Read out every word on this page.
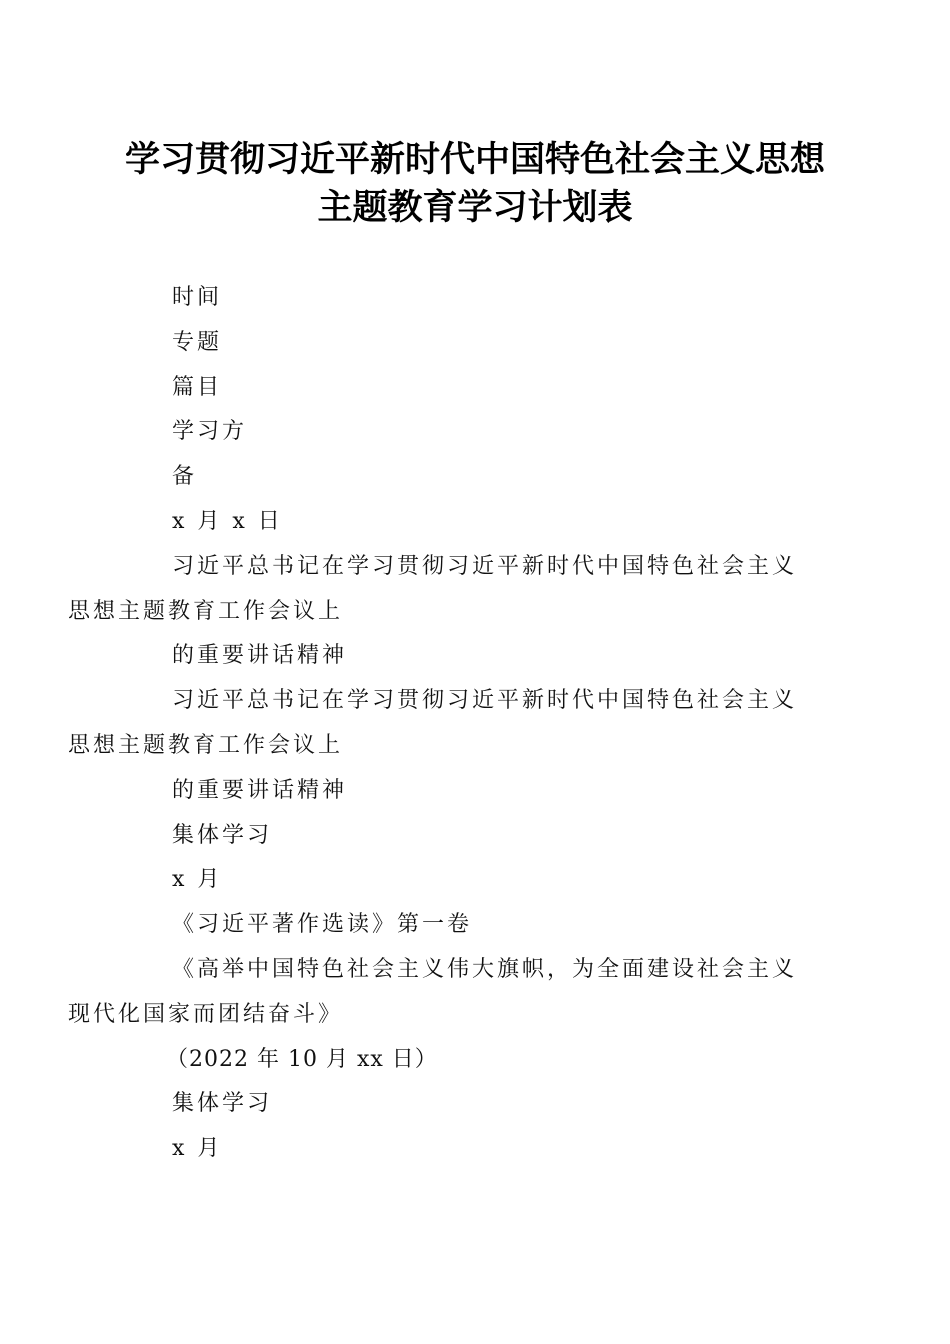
学习贯彻习近平新时代中国特色社会主义思想
主题教育学习计划表

时间

专题

篇目

学习方

备

x 月 x 日

习近平总书记在学习贯彻习近平新时代中国特色社会主义
思想主题教育工作会议上

的重要讲话精神

习近平总书记在学习贯彻习近平新时代中国特色社会主义
思想主题教育工作会议上

的重要讲话精神

集体学习

x 月

《习近平著作选读》第一卷

《高举中国特色社会主义伟大旗帜，为全面建设社会主义
现代化国家而团结奋斗》

（2022 年 10 月 xx 日）

集体学习

x 月
